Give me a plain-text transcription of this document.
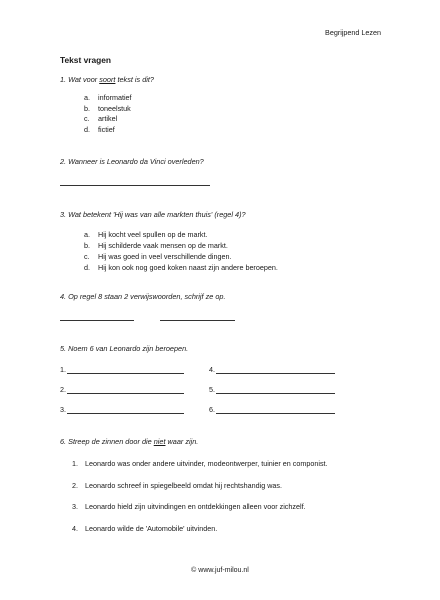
Begrijpend Lezen
Tekst vragen
1. Wat voor soort tekst is dit?
a. informatief
b. toneelstuk
c. artikel
d. fictief
2. Wanneer is Leonardo da Vinci overleden?
3. Wat betekent 'Hij was van alle markten thuis' (regel 4)?
a. Hij kocht veel spullen op de markt.
b. Hij schilderde vaak mensen op de markt.
c. Hij was goed in veel verschillende dingen.
d. Hij kon ook nog goed koken naast zijn andere beroepen.
4. Op regel 8 staan 2 verwijswoorden, schrijf ze op.
5. Noem 6 van Leonardo zijn beroepen.
1.	4.
2.	5.
3.	6.
6. Streep de zinnen door die niet waar zijn.
1. Leonardo was onder andere uitvinder, modeontwerper, tuinier en componist.
2. Leonardo schreef in spiegelbeeld omdat hij rechtshandig was.
3. Leonardo hield zijn uitvindingen en ontdekkingen alleen voor zichzelf.
4. Leonardo wilde de 'Automobile' uitvinden.
© www.juf-milou.nl
